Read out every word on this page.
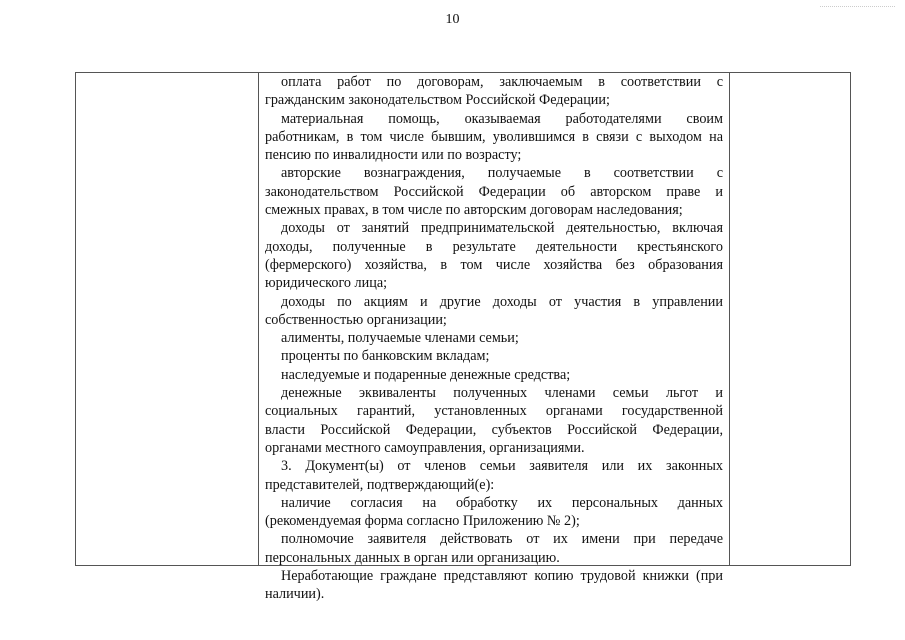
10
оплата работ по договорам, заключаемым в соответствии с
гражданским законодательством Российской Федерации;
материальная помощь, оказываемая работодателями своим
работникам, в том числе бывшим, уволившимся в связи с выходом на
пенсию по инвалидности или по возрасту;
авторские вознаграждения, получаемые в соответствии с
законодательством Российской Федерации об авторском праве и
смежных правах, в том числе по авторским договорам наследования;
доходы от занятий предпринимательской деятельностью, включая
доходы, полученные в результате деятельности крестьянского
(фермерского) хозяйства, в том числе хозяйства без образования
юридического лица;
доходы по акциям и другие доходы от участия в управлении
собственностью организации;
алименты, получаемые членами семьи;
проценты по банковским вкладам;
наследуемые и подаренные денежные средства;
денежные эквиваленты полученных членами семьи льгот и
социальных гарантий, установленных органами государственной
власти Российской Федерации, субъектов Российской Федерации,
органами местного самоуправления, организациями.
3. Документ(ы) от членов семьи заявителя или их законных
представителей, подтверждающий(е):
наличие согласия на обработку их персональных данных
(рекомендуемая форма согласно Приложению № 2);
полномочие заявителя действовать от их имени при передаче
персональных данных в орган или организацию.
Неработающие граждане представляют копию трудовой книжки (при
наличии).
